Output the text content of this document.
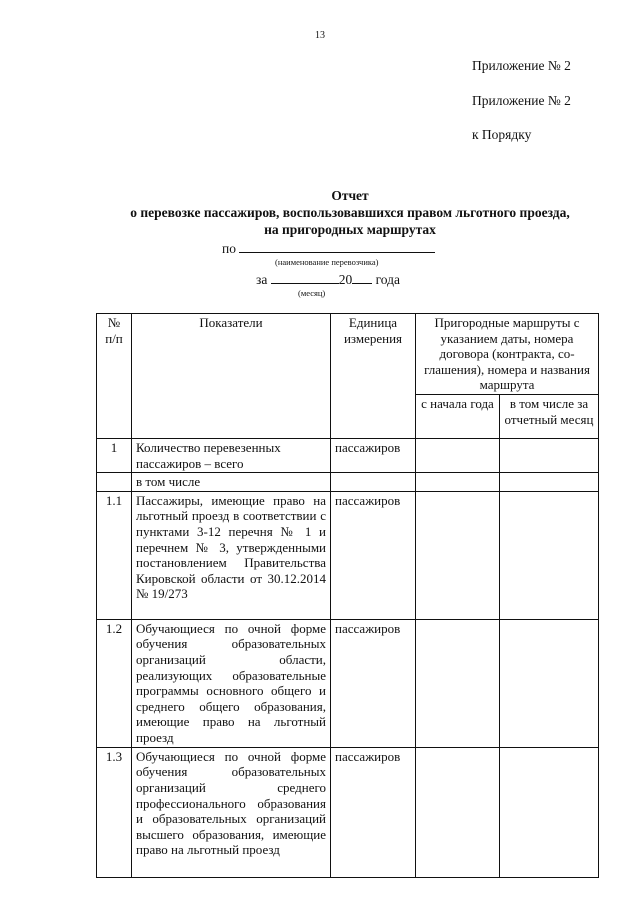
13
Приложение № 2
Приложение № 2
к Порядку
Отчет
о перевозке пассажиров, воспользовавшихся правом льготного проезда,
на пригородных маршрутах
по
(наименование перевозчика)
за	20 года
(месяц)
№ п/п	Показатели	Единица измерения	Пригородные маршруты с указанием даты, номера договора (контракта, со-глашения), номера и названия маршрута	
			с начала года	в том числе за отчетный месяц
1	Количество перевезенных пассажиров – всего	пассажиров		
	в том числе			
1.1	Пассажиры, имеющие право на льготный проезд в соответствии с пунктами 3-12 перечня № 1 и перечнем № 3, утвержденными постановлением Правительства Кировской области от 30.12.2014 № 19/273	пассажиров		
1.2	Обучающиеся по очной форме обучения образовательных организаций области, реализующих образовательные программы основного общего и среднего общего образования, имеющие право на льготный проезд	пассажиров		
1.3	Обучающиеся по очной форме обучения образовательных организаций среднего профессионального образования и образовательных организаций высшего образования, имеющие право на льготный проезд	пассажиров		
